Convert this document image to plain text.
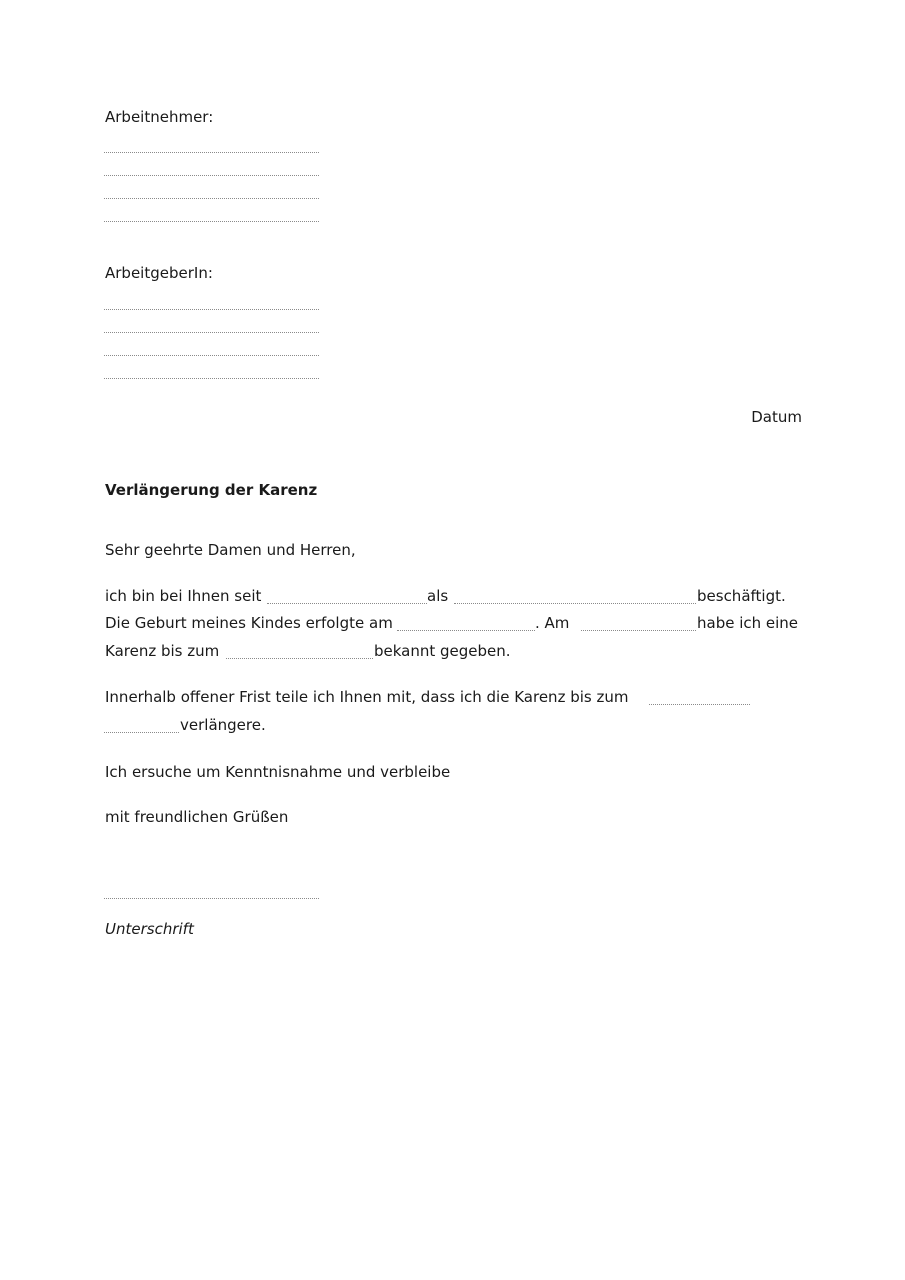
Arbeitnehmer:
ArbeitgeberIn:
Datum
Verlängerung der Karenz
Sehr geehrte Damen und Herren,
ich bin bei Ihnen seit	als	beschäftigt.
Die Geburt meines Kindes erfolgte am	. Am	habe ich eine
Karenz bis zum	bekannt gegeben.
Innerhalb offener Frist teile ich Ihnen mit, dass ich die Karenz bis zum
verlängere.
Ich ersuche um Kenntnisnahme und verbleibe
mit freundlichen Grüßen
Unterschrift
